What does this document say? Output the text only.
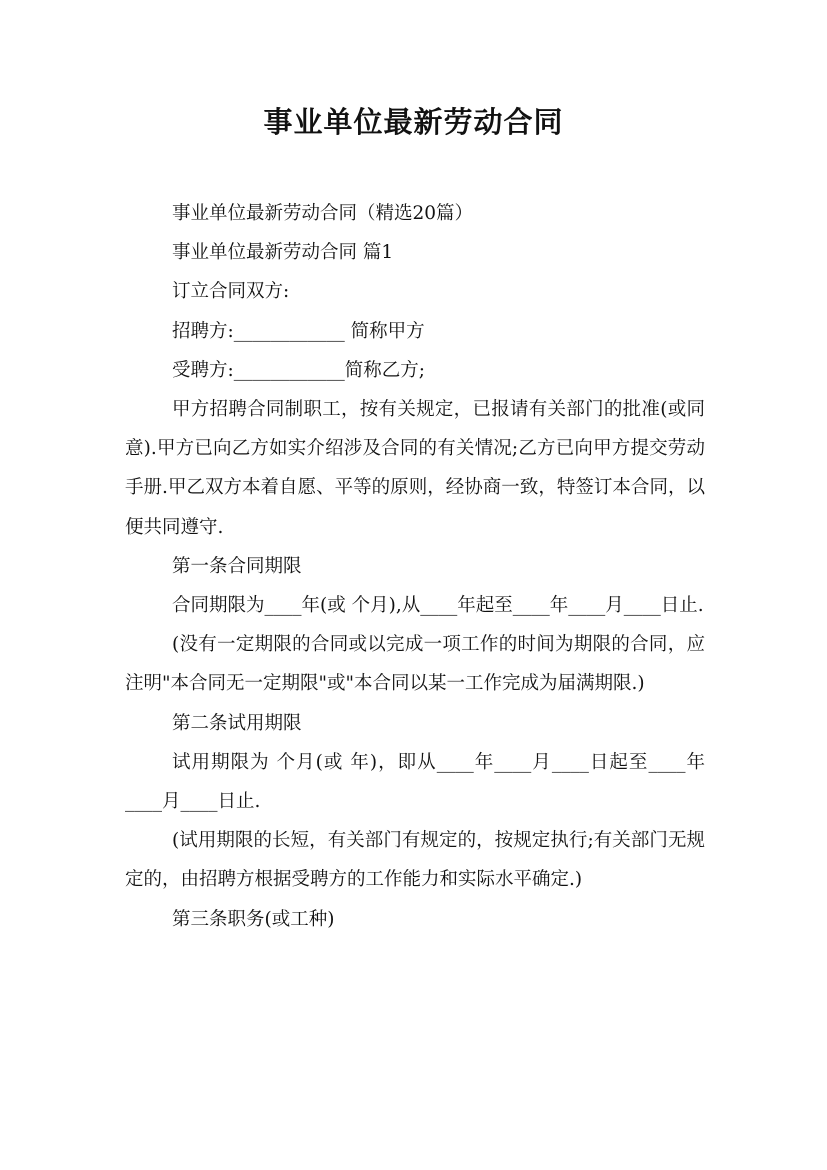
事业单位最新劳动合同

事业单位最新劳动合同（精选20篇）

事业单位最新劳动合同 篇1

订立合同双方:

招聘方:____________ 简称甲方

受聘方:____________简称乙方;

甲方招聘合同制职工，按有关规定，已报请有关部门的批准(或同意).甲方已向乙方如实介绍涉及合同的有关情况;乙方已向甲方提交劳动手册.甲乙双方本着自愿、平等的原则，经协商一致，特签订本合同，以便共同遵守.

第一条合同期限

合同期限为____年(或 个月),从____年起至____年____月____日止.

(没有一定期限的合同或以完成一项工作的时间为期限的合同，应注明"本合同无一定期限"或"本合同以某一工作完成为届满期限.)

第二条试用期限

试用期限为 个月(或 年)，即从____年____月____日起至____年____月____日止.

(试用期限的长短，有关部门有规定的，按规定执行;有关部门无规定的，由招聘方根据受聘方的工作能力和实际水平确定.)

第三条职务(或工种)
